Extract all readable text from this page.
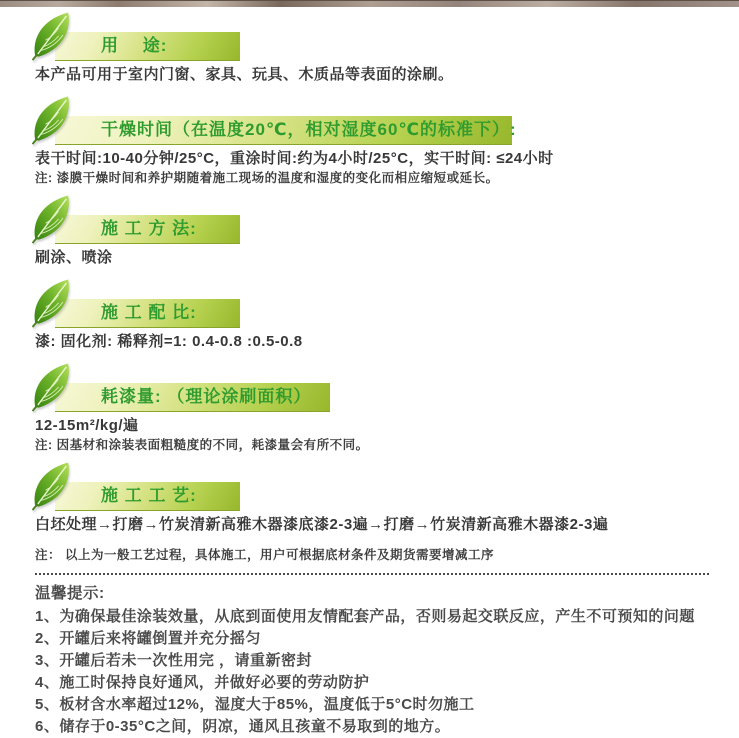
用　 途:

本产品可用于室内门窗、家具、玩具、木质品等表面的涂刷。

干燥时间（在温度20℃，相对湿度60℃的标准下）:

表干时间:10-40分钟/25°C，重涂时间:约为4小时/25°C，实干时间: ≤24小时

注: 漆膜干燥时间和养护期随着施工现场的温度和湿度的变化而相应缩短或延长。

施 工 方 法:

刷涂、喷涂

施 工 配 比:

漆: 固化剂: 稀释剂=1: 0.4-0.8 :0.5-0.8

耗漆量: （理论涂刷面积）

12-15m²/kg/遍

注: 因基材和涂装表面粗糙度的不同，耗漆量会有所不同。

施 工 工 艺:

白坯处理→打磨→竹炭清新高雅木器漆底漆2-3遍→打磨→竹炭清新高雅木器漆2-3遍

注： 以上为一般工艺过程，具体施工，用户可根据底材条件及期货需要增减工序

温馨提示:

1、为确保最佳涂装效量，从底到面使用友情配套产品，否则易起交联反应，产生不可预知的问题

2、开罐后来将罐倒置并充分摇匀

3、开罐后若未一次性用完 ，请重新密封

4、施工时保持良好通风，并做好必要的劳动防护

5、板材含水率超过12%，湿度大于85%，温度低于5°C时勿施工

6、储存于0-35°C之间，阴凉，通风且孩童不易取到的地方。
